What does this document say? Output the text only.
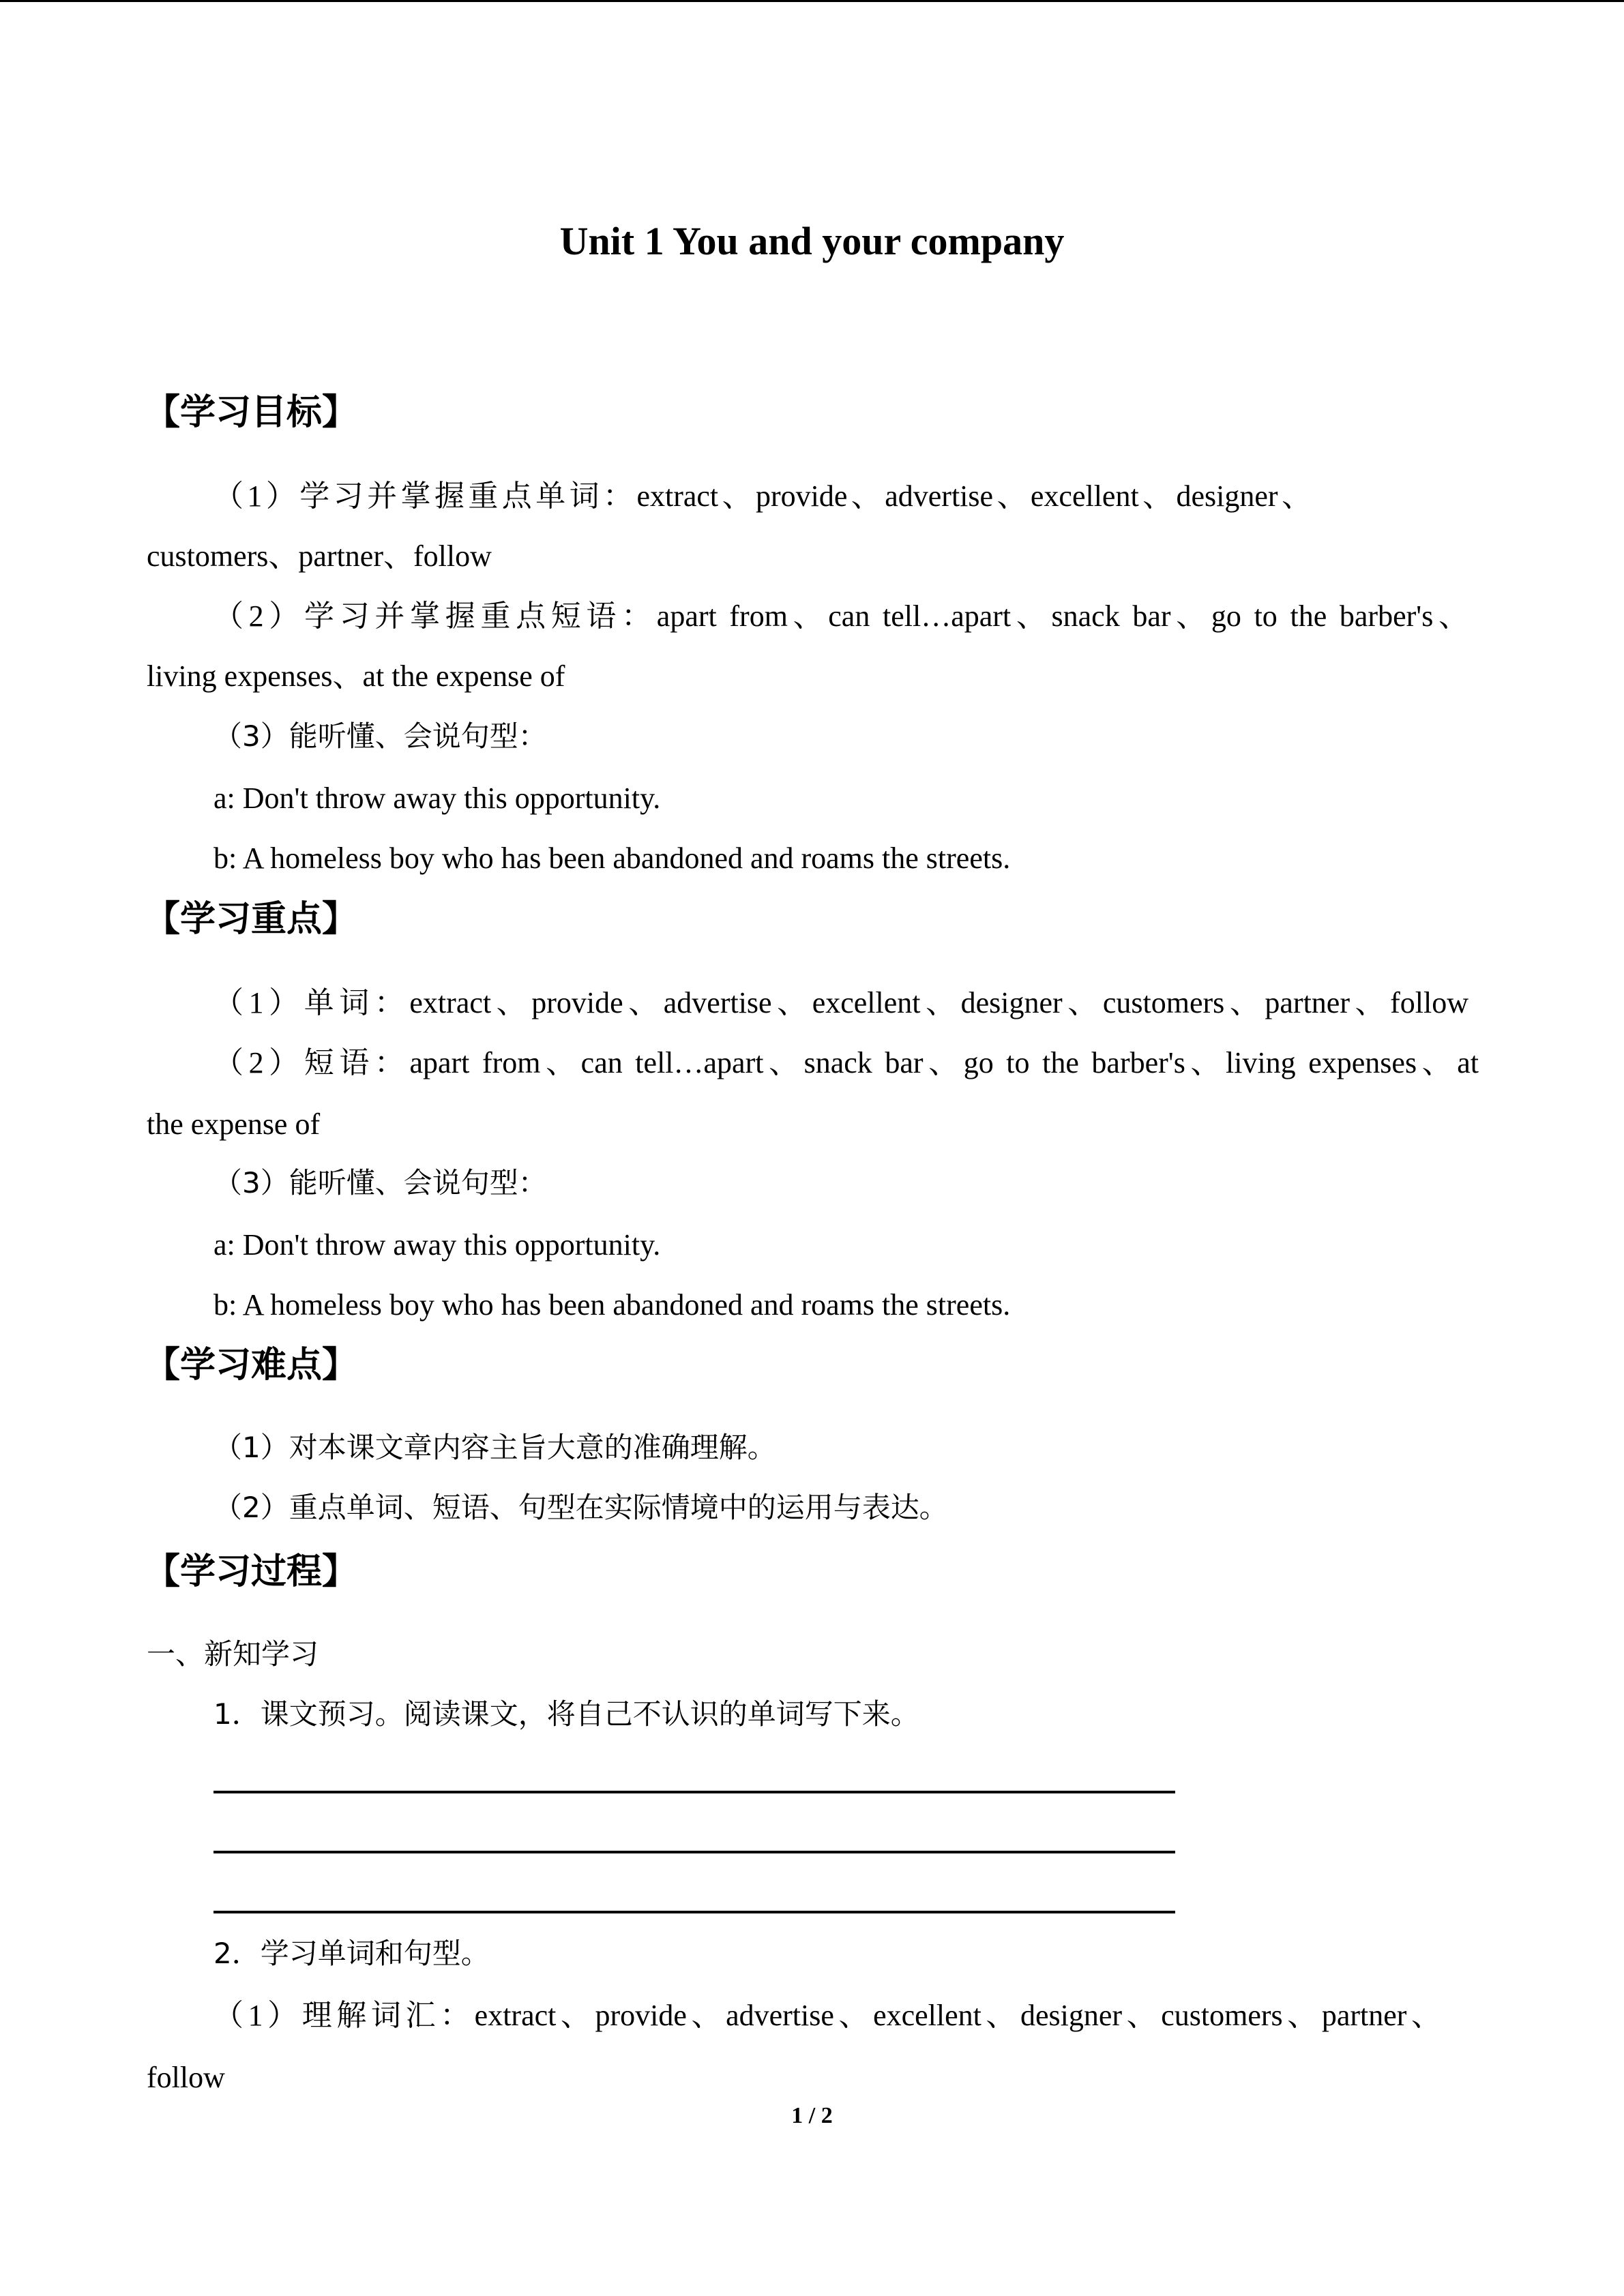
Unit 1 You and your company
【学习目标】
（1）学习并掌握重点单词：extract、provide、advertise、excellent、designer、
customers、partner、follow
（2）学习并掌握重点短语：apart from、can tell…apart、snack bar、go to the barber's、
living expenses、at the expense of
（3）能听懂、会说句型：
a: Don't throw away this opportunity.
b: A homeless boy who has been abandoned and roams the streets.
【学习重点】
（1）单词：extract、provide、advertise、excellent、designer、customers、partner、follow
（2）短语：apart from、can tell…apart、snack bar、go to the barber's、living expenses、at
the expense of
（3）能听懂、会说句型：
a: Don't throw away this opportunity.
b: A homeless boy who has been abandoned and roams the streets.
【学习难点】
（1）对本课文章内容主旨大意的准确理解。
（2）重点单词、短语、句型在实际情境中的运用与表达。
【学习过程】
一、新知学习
1．课文预习。阅读课文，将自己不认识的单词写下来。
2．学习单词和句型。
（1）理解词汇：extract、provide、advertise、excellent、designer、customers、partner、
follow
1 / 2
